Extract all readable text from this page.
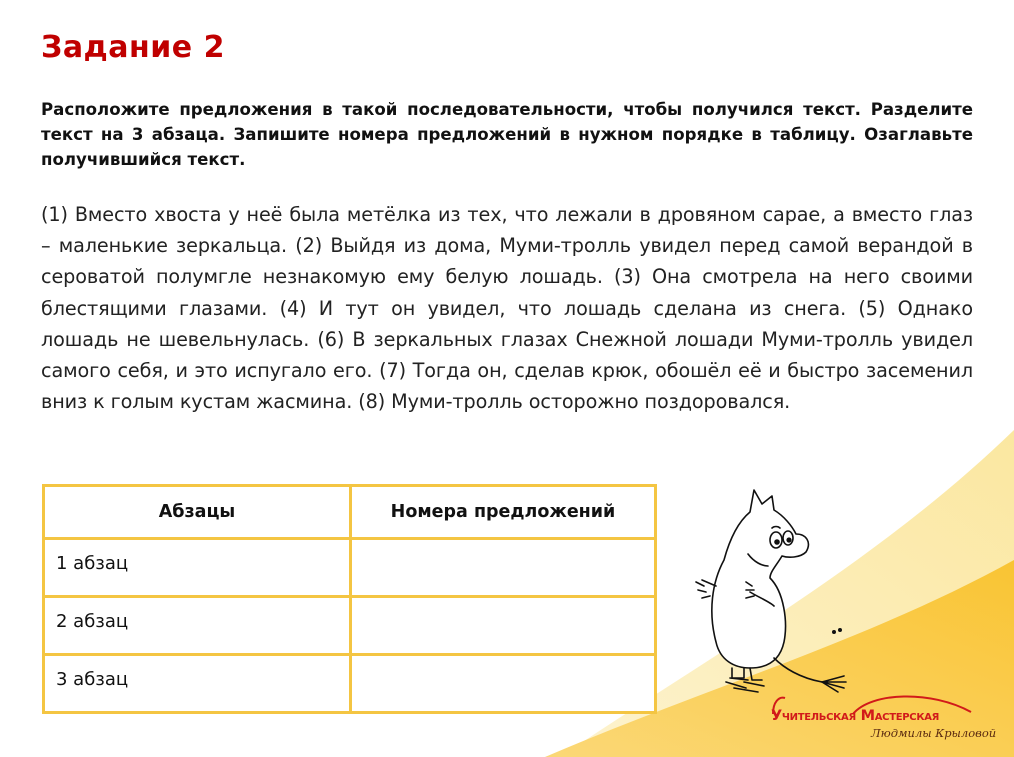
Задание 2

Расположите предложения в такой последовательности, чтобы получился текст. Разделите текст на 3 абзаца. Запишите номера предложений в нужном порядке в таблицу. Озаглавьте получившийся текст.

(1) Вместо хвоста у неё была метёлка из тех, что лежали в дровяном сарае, а вместо глаз – маленькие зеркальца. (2) Выйдя из дома, Муми-тролль увидел перед самой верандой в сероватой полумгле незнакомую ему белую лошадь. (3) Она смотрела на него своими блестящими глазами. (4) И тут он увидел, что лошадь сделана из снега. (5) Однако лошадь не шевельнулась. (6) В зеркальных глазах Снежной лошади Муми-тролль увидел самого себя, и это испугало его. (7) Тогда он, сделав крюк, обошёл её и быстро засеменил вниз к голым кустам жасмина. (8) Муми-тролль осторожно поздоровался.

Абзацы	Номера предложений
1 абзац	
2 абзац	
3 абзац	
Учительская Мастерская
Людмилы Крыловой
